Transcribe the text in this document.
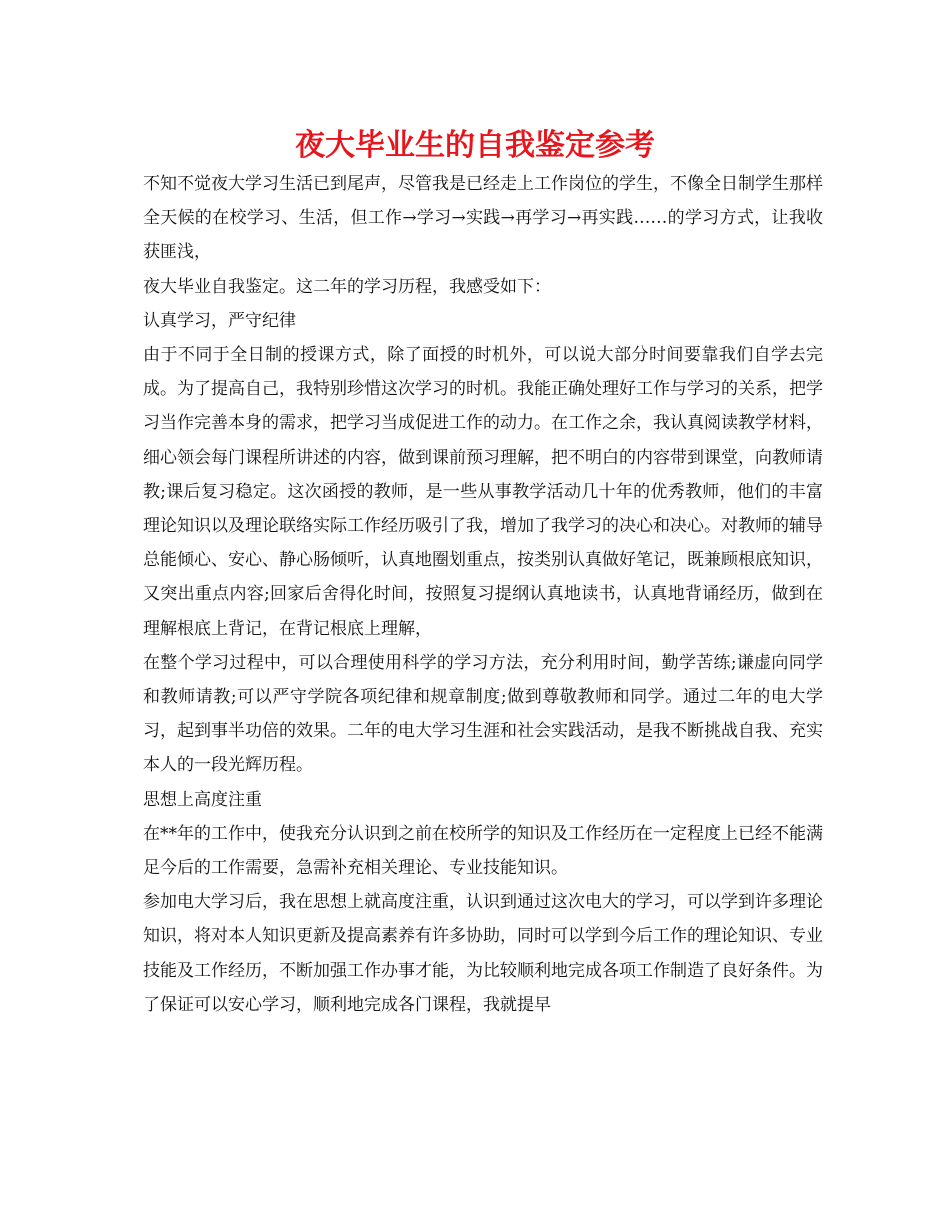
夜大毕业生的自我鉴定参考

不知不觉夜大学习生活已到尾声，尽管我是已经走上工作岗位的学生，不像全日制学生那样全天候的在校学习、生活，但工作→学习→实践→再学习→再实践……的学习方式，让我收获匪浅，

夜大毕业自我鉴定。这二年的学习历程，我感受如下：

认真学习，严守纪律

由于不同于全日制的授课方式，除了面授的时机外，可以说大部分时间要靠我们自学去完成。为了提高自己，我特别珍惜这次学习的时机。我能正确处理好工作与学习的关系，把学习当作完善本身的需求，把学习当成促进工作的动力。在工作之余，我认真阅读教学材料，细心领会每门课程所讲述的内容，做到课前预习理解，把不明白的内容带到课堂，向教师请教;课后复习稳定。这次函授的教师，是一些从事教学活动几十年的优秀教师，他们的丰富理论知识以及理论联络实际工作经历吸引了我，增加了我学习的决心和决心。对教师的辅导总能倾心、安心、静心肠倾听，认真地圈划重点，按类别认真做好笔记，既兼顾根底知识，又突出重点内容;回家后舍得化时间，按照复习提纲认真地读书，认真地背诵经历，做到在理解根底上背记，在背记根底上理解，

在整个学习过程中，可以合理使用科学的学习方法，充分利用时间，勤学苦练;谦虚向同学和教师请教;可以严守学院各项纪律和规章制度;做到尊敬教师和同学。通过二年的电大学习，起到事半功倍的效果。二年的电大学习生涯和社会实践活动，是我不断挑战自我、充实本人的一段光辉历程。

思想上高度注重

在**年的工作中，使我充分认识到之前在校所学的知识及工作经历在一定程度上已经不能满足今后的工作需要，急需补充相关理论、专业技能知识。

参加电大学习后，我在思想上就高度注重，认识到通过这次电大的学习，可以学到许多理论知识，将对本人知识更新及提高素养有许多协助，同时可以学到今后工作的理论知识、专业技能及工作经历，不断加强工作办事才能，为比较顺利地完成各项工作制造了良好条件。为了保证可以安心学习，顺利地完成各门课程，我就提早
